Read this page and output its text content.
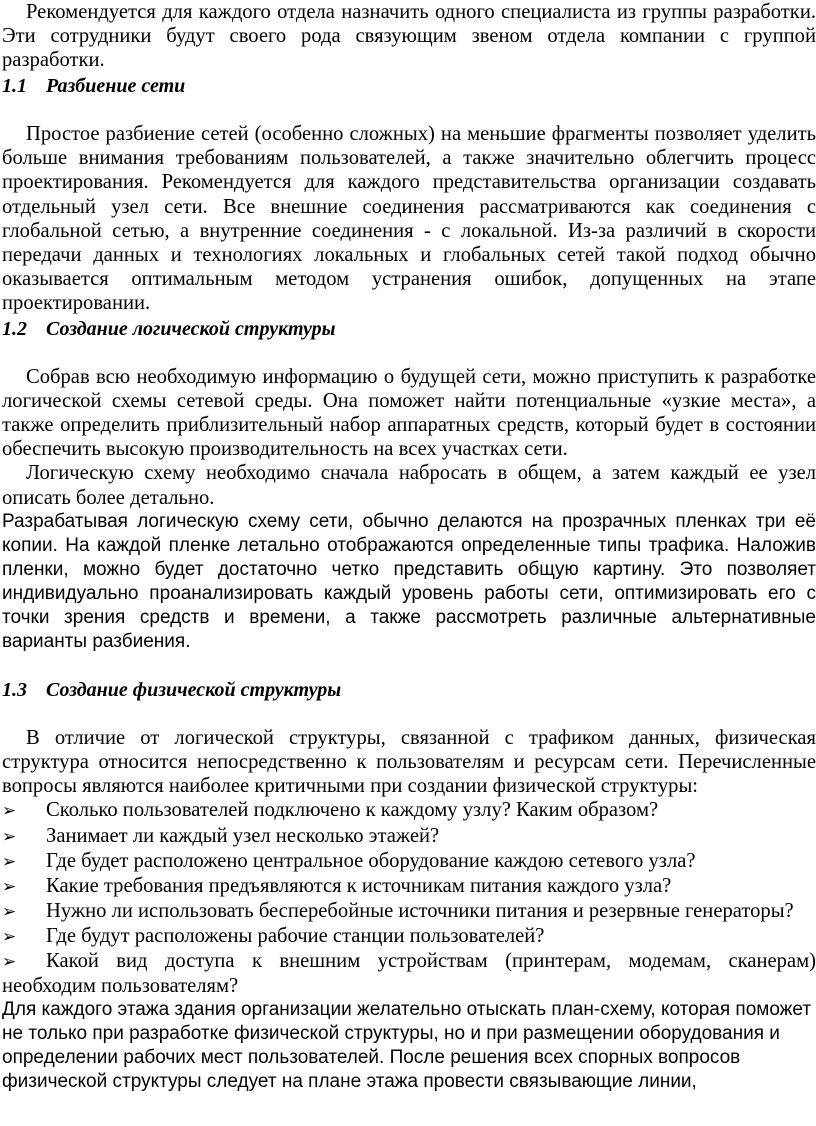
Рекомендуется для каждого отдела назначить одного специалиста из группы разработки. Эти сотрудники будут своего рода связующим звеном отдела компании с группой разработки.

1.1 Разбиение сети

Простое разбиение сетей (особенно сложных) на меньшие фрагменты позволяет уделить больше внимания требованиям пользователей, а также значительно облегчить процесс проектирования. Рекомендуется для каждого представительства организации создавать отдельный узел сети. Все внешние соединения рассматриваются как соединения с глобальной сетью, а внутренние соединения - с локальной. Из-за различий в скорости передачи данных и технологиях локальных и глобальных сетей такой подход обычно оказывается оптимальным методом устранения ошибок, допущенных на этапе проектировании.

1.2 Создание логической структуры

Собрав всю необходимую информацию о будущей сети, можно приступить к разработке логической схемы сетевой среды. Она поможет найти потенциальные «узкие места», а также определить приблизительный набор аппаратных средств, который будет в состоянии обеспечить высокую производительность на всех участках сети.

Логическую схему необходимо сначала набросать в общем, а затем каждый ее узел описать более детально.

Разрабатывая логическую схему сети, обычно делаются на прозрачных пленках три её копии. На каждой пленке летально отображаются определенные типы трафика. Наложив пленки, можно будет достаточно четко представить общую картину. Это позволяет индивидуально проанализировать каждый уровень работы сети, оптимизировать его с точки зрения средств и времени, а также рассмотреть различные альтернативные варианты разбиения.

1.3 Создание физической структуры

В отличие от логической структуры, связанной с трафиком данных, физическая структура относится непосредственно к пользователям и ресурсам сети. Перечисленные вопросы являются наиболее критичными при создании физической структуры:

➢ Сколько пользователей подключено к каждому узлу? Каким образом?
➢ Занимает ли каждый узел несколько этажей?
➢ Где будет расположено центральное оборудование каждою сетевого узла?
➢ Какие требования предъявляются к источникам питания каждого узла?
➢ Нужно ли использовать бесперебойные источники питания и резервные генераторы?
➢ Где будут расположены рабочие станции пользователей?
➢ Какой вид доступа к внешним устройствам (принтерам, модемам, сканерам) необходим пользователям?

Для каждого этажа здания организации желательно отыскать план-схему, которая поможет не только при разработке физической структуры, но и при размещении оборудования и определении рабочих мест пользователей. После решения всех спорных вопросов физической структуры следует на плане этажа провести связывающие линии,
